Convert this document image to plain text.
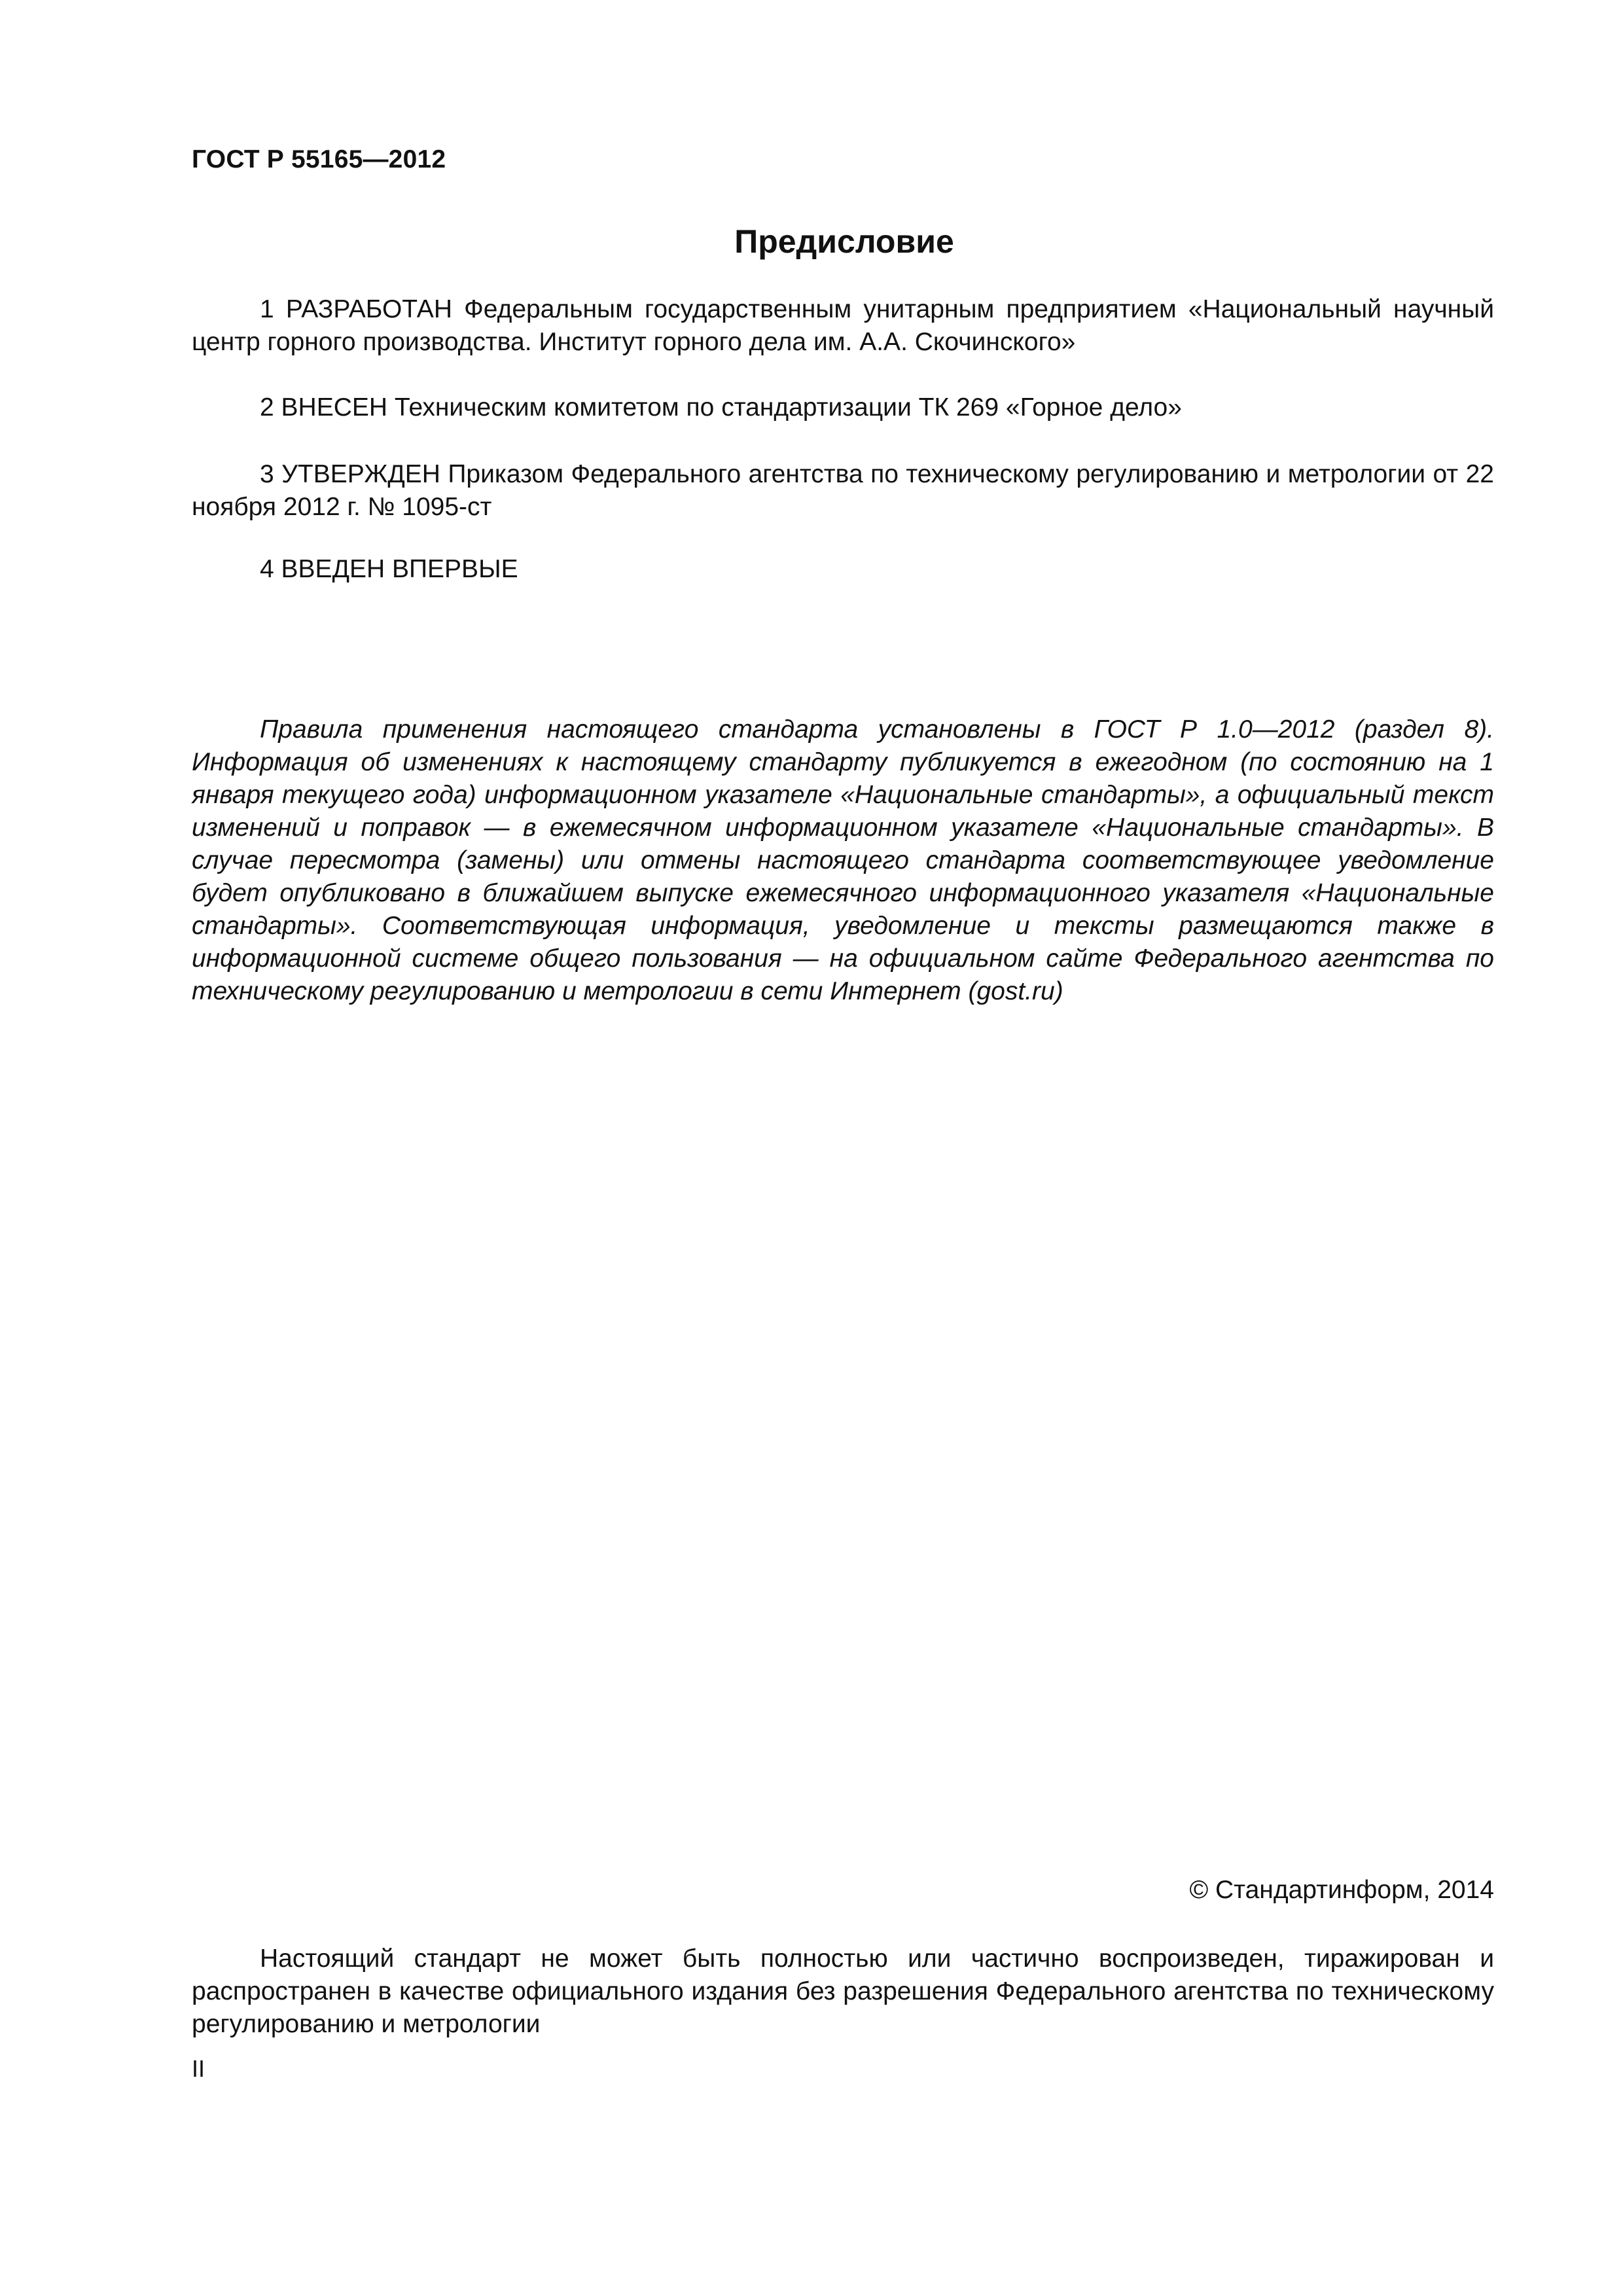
ГОСТ Р 55165—2012
Предисловие

1 РАЗРАБОТАН Федеральным государственным унитарным предприятием «Национальный научный центр горного производства. Институт горного дела им. А.А. Скочинского»

2 ВНЕСЕН Техническим комитетом по стандартизации ТК 269 «Горное дело»

3 УТВЕРЖДЕН Приказом Федерального агентства по техническому регулированию и метрологии от 22 ноября 2012 г. № 1095-ст

4 ВВЕДЕН ВПЕРВЫЕ

Правила применения настоящего стандарта установлены в ГОСТ Р 1.0—2012 (раздел 8). Информация об изменениях к настоящему стандарту публикуется в ежегодном (по состоянию на 1 января текущего года) информационном указателе «Национальные стандарты», а официальный текст изменений и поправок — в ежемесячном информационном указателе «Национальные стандарты». В случае пересмотра (замены) или отмены настоящего стандарта соответствующее уведомление будет опубликовано в ближайшем выпуске ежемесячного информационного указателя «Национальные стандарты». Соответствующая информация, уведомление и тексты размещаются также в информационной системе общего пользования — на официальном сайте Федерального агентства по техническому регулированию и метрологии в сети Интернет (gost.ru)

© Стандартинформ, 2014

Настоящий стандарт не может быть полностью или частично воспроизведен, тиражирован и распространен в качестве официального издания без разрешения Федерального агентства по техническому регулированию и метрологии

II
